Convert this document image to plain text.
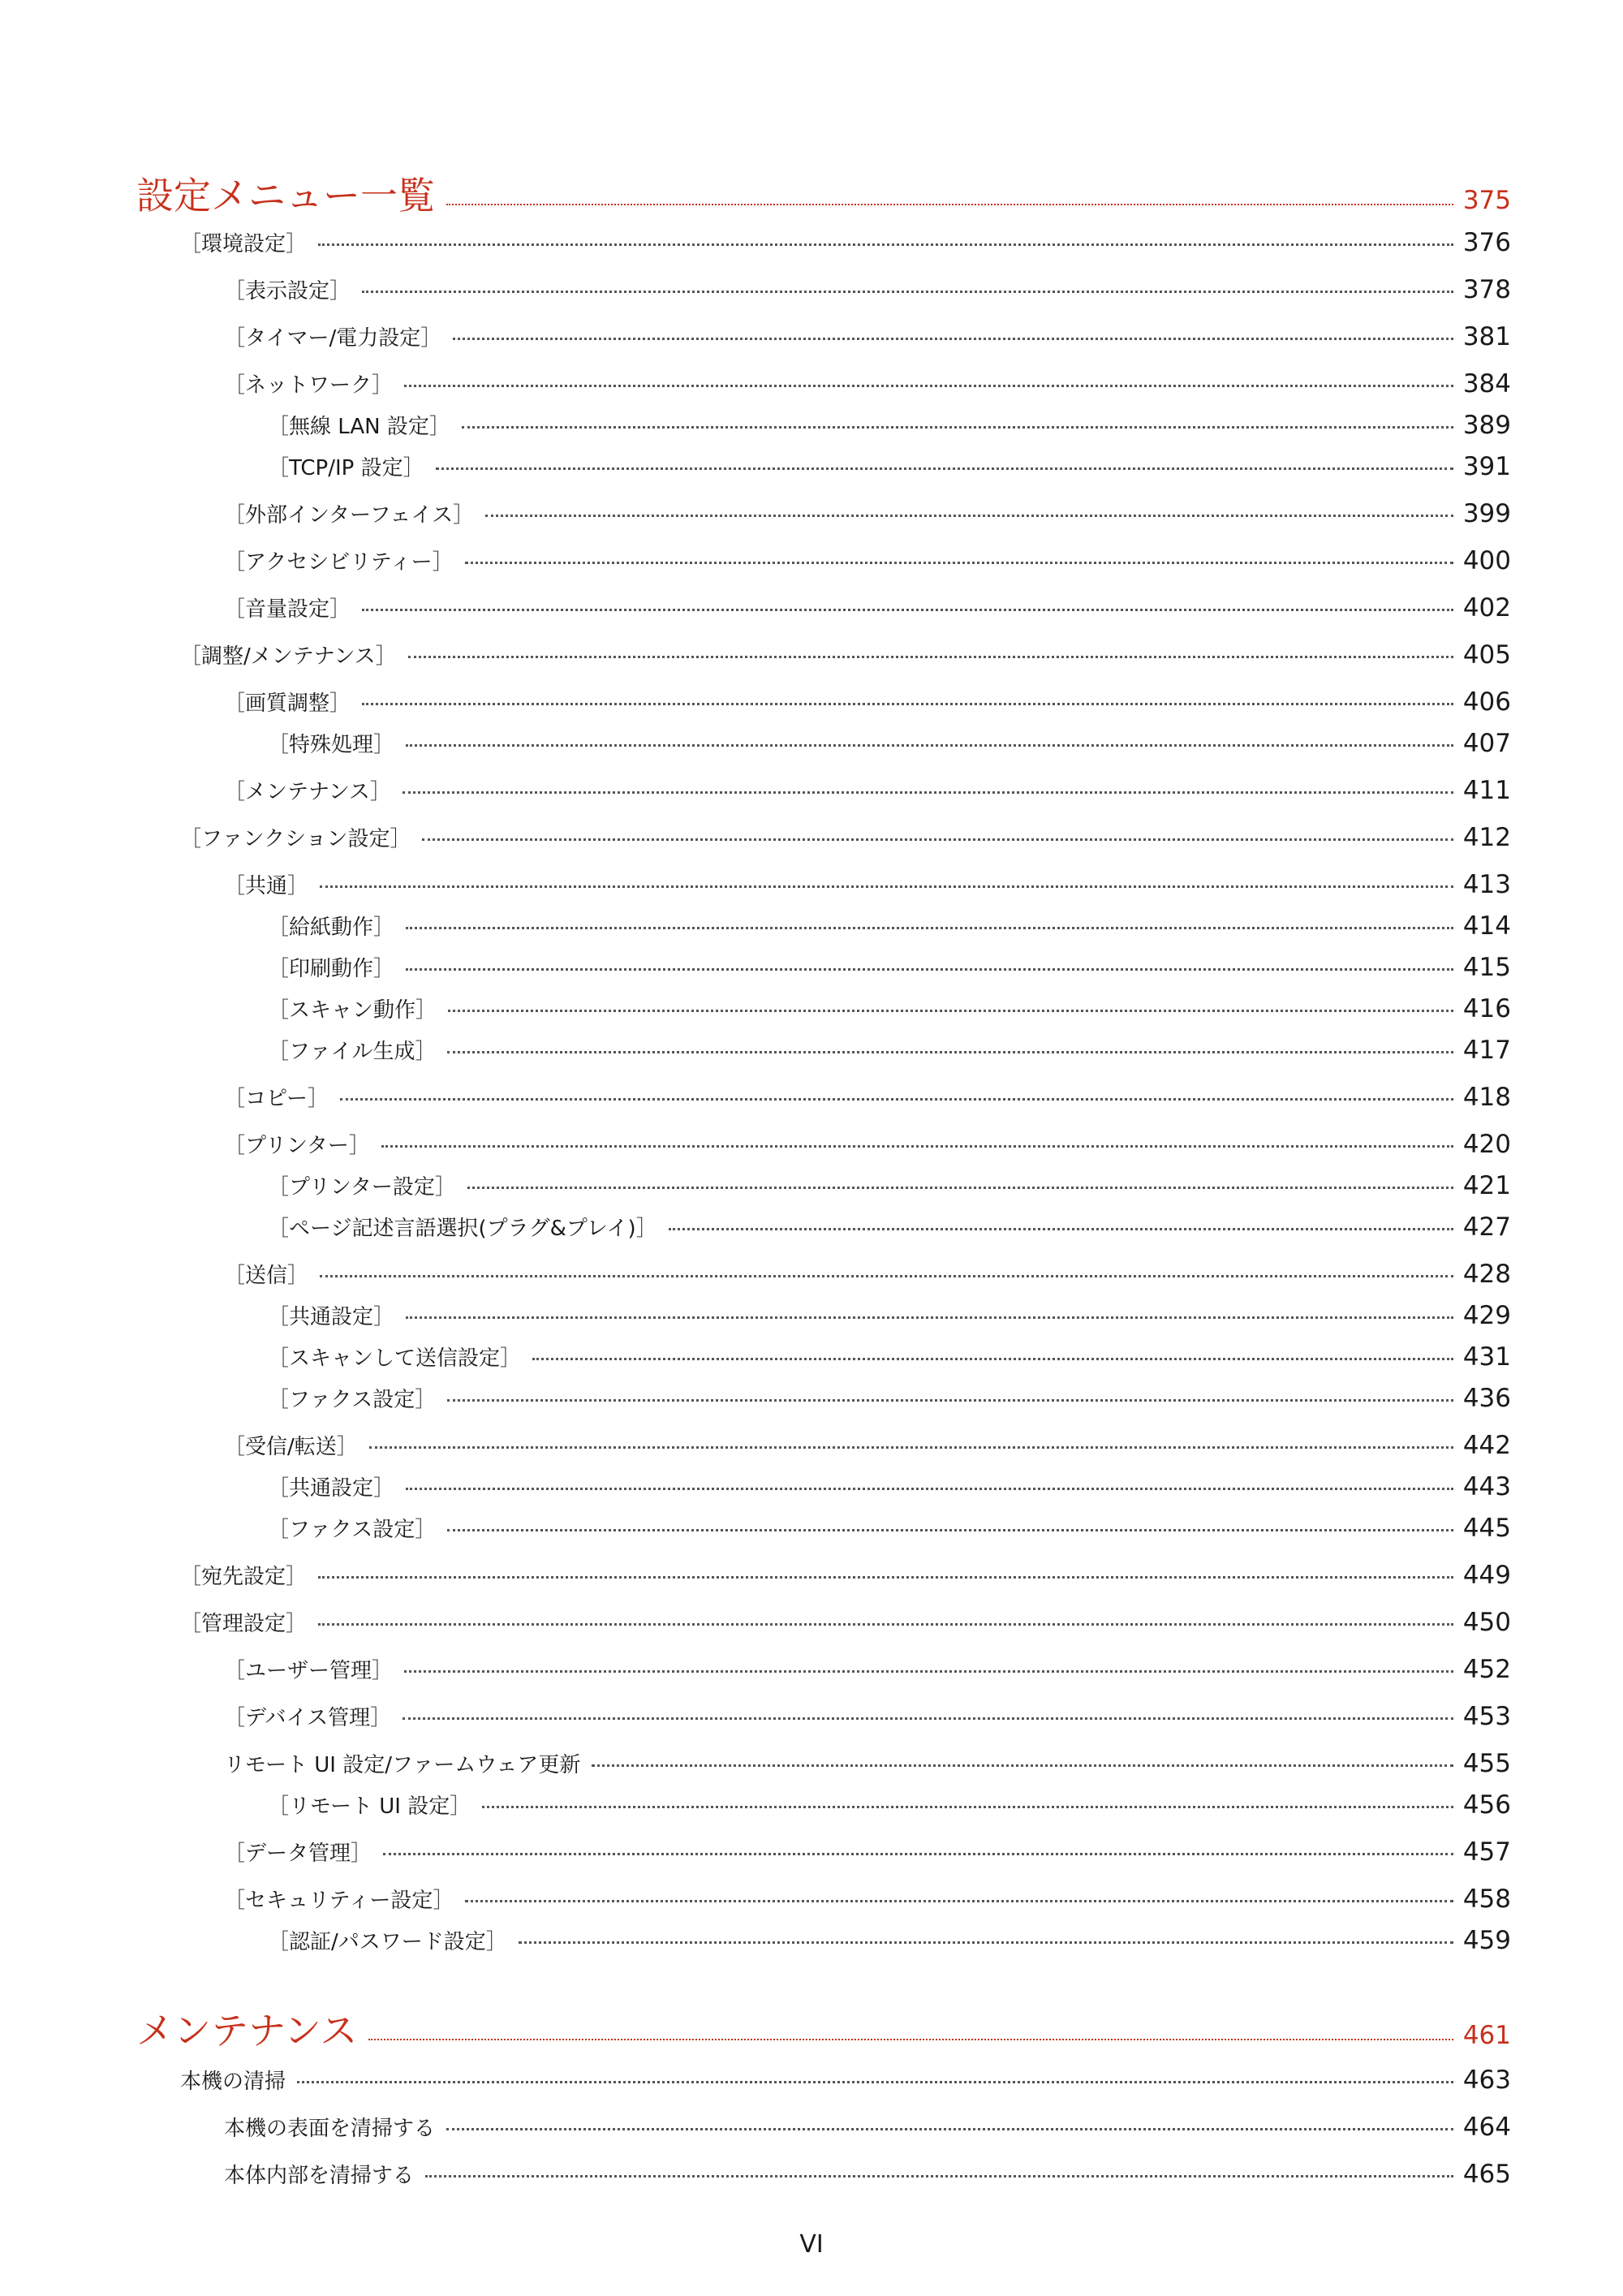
設定メニュー一覧	375
［環境設定］	376
［表示設定］	378
［タイマー/電力設定］	381
［ネットワーク］	384
［無線 LAN 設定］	389
［TCP/IP 設定］	391
［外部インターフェイス］	399
［アクセシビリティー］	400
［音量設定］	402
［調整/メンテナンス］	405
［画質調整］	406
［特殊処理］	407
［メンテナンス］	411
［ファンクション設定］	412
［共通］	413
［給紙動作］	414
［印刷動作］	415
［スキャン動作］	416
［ファイル生成］	417
［コピー］	418
［プリンター］	420
［プリンター設定］	421
［ページ記述言語選択(プラグ&プレイ)］	427
［送信］	428
［共通設定］	429
［スキャンして送信設定］	431
［ファクス設定］	436
［受信/転送］	442
［共通設定］	443
［ファクス設定］	445
［宛先設定］	449
［管理設定］	450
［ユーザー管理］	452
［デバイス管理］	453
リモート UI 設定/ファームウェア更新	455
［リモート UI 設定］	456
［データ管理］	457
［セキュリティー設定］	458
［認証/パスワード設定］	459
メンテナンス	461
本機の清掃	463
本機の表面を清掃する	464
本体内部を清掃する	465
VI
